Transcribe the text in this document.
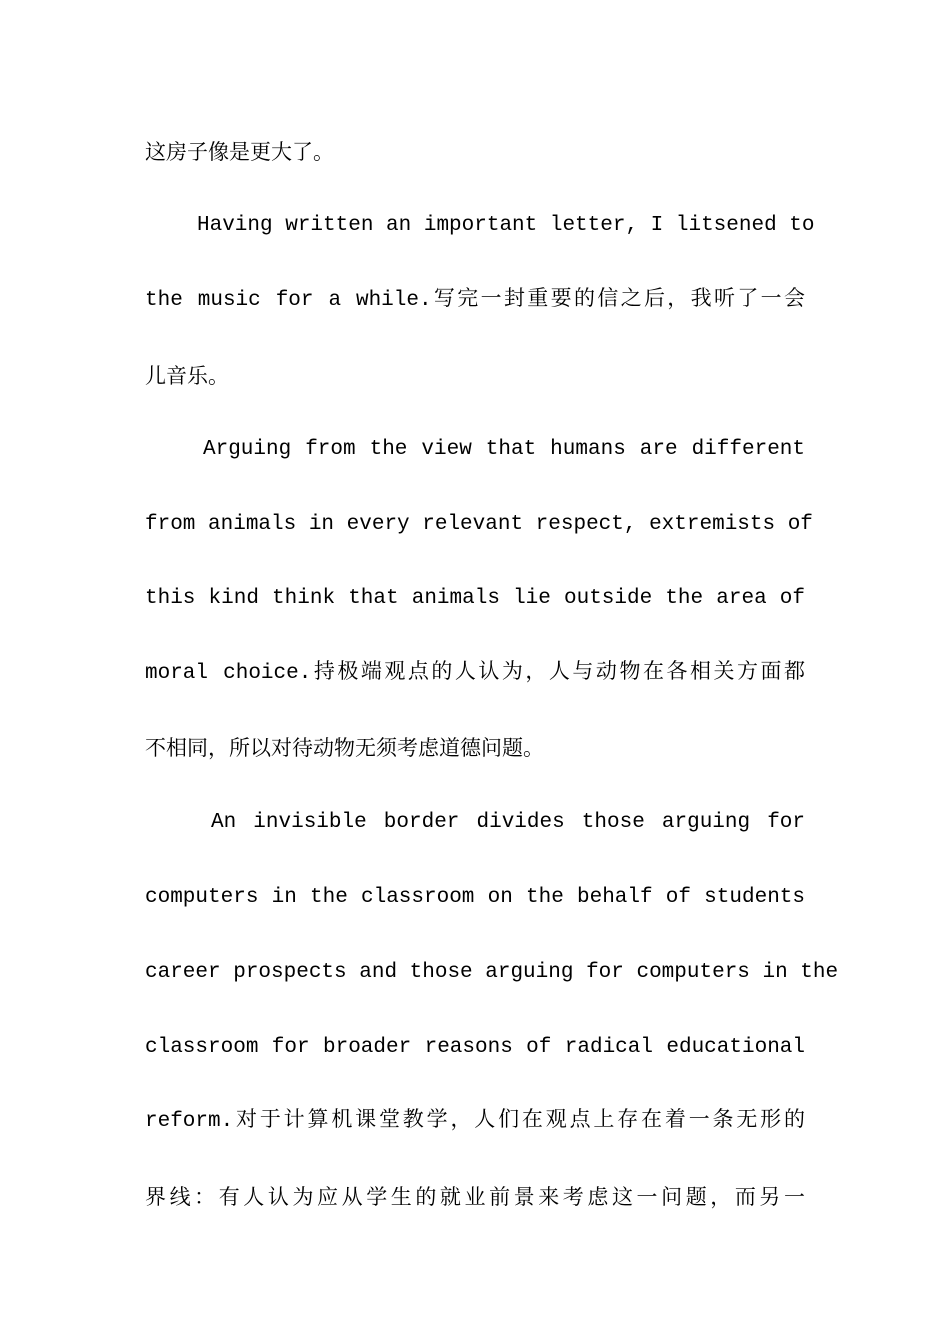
这房子像是更大了。
Having written an important letter, I litsened to
the music for a while.写完一封重要的信之后，我听了一会
儿音乐。
Arguing from the view that humans are different
from animals in every relevant respect, extremists of
this kind think that animals lie outside the area of
moral choice.持极端观点的人认为，人与动物在各相关方面都
不相同，所以对待动物无须考虑道德问题。
An invisible border divides those arguing for
computers in the classroom on the behalf of students
career prospects and those arguing for computers in the
classroom for broader reasons of radical educational
reform.对于计算机课堂教学，人们在观点上存在着一条无形的
界线：有人认为应从学生的就业前景来考虑这一问题，而另一
